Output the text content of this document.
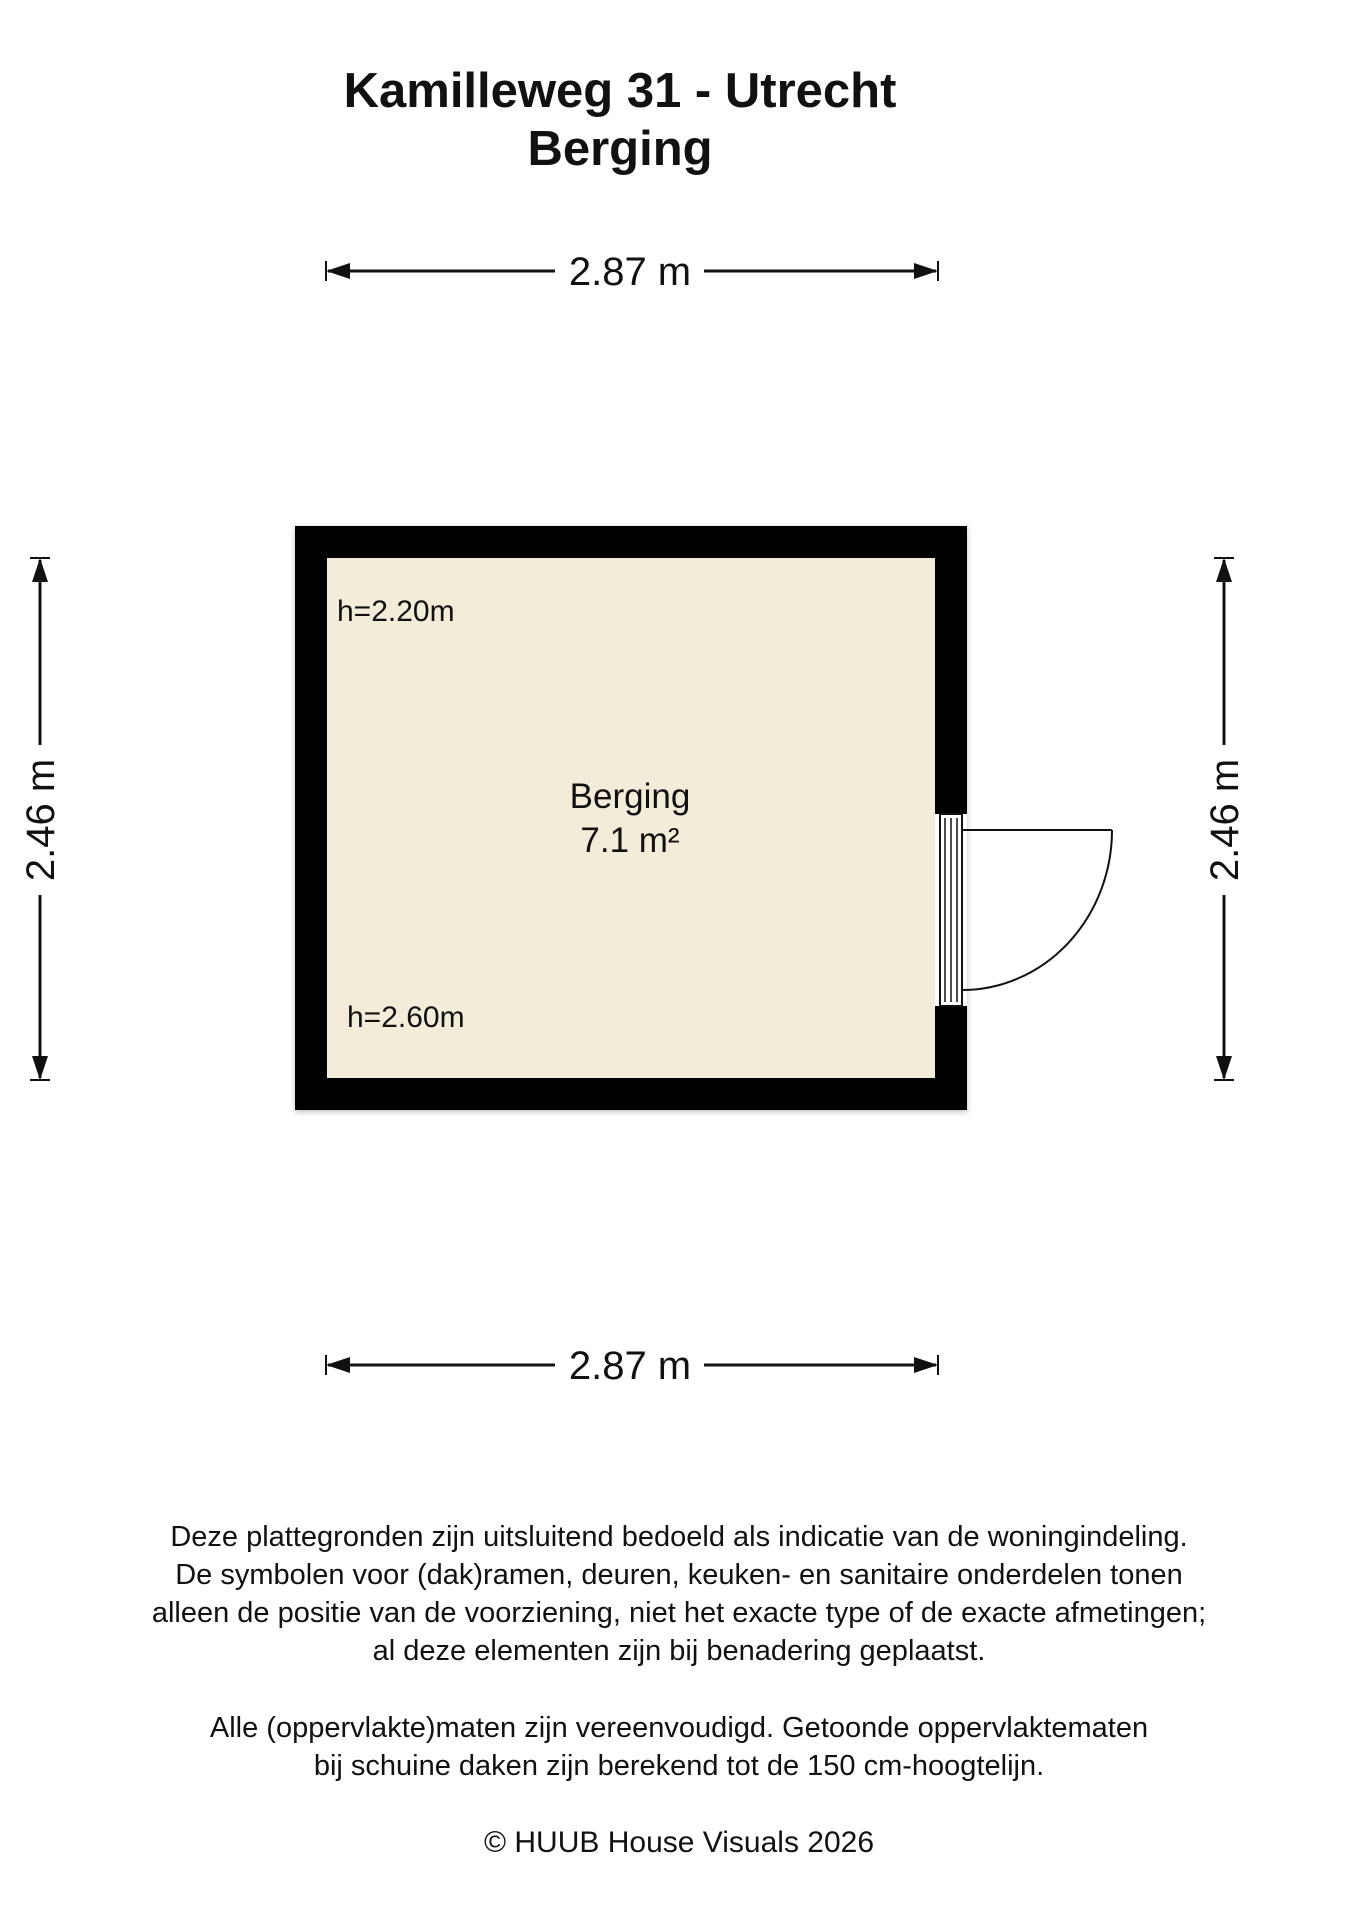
Kamilleweg 31 - Utrecht
Berging
2.87 m
2.87 m
2.46 m	2.46 m
Berging
7.1 m²
h=2.20m
h=2.60m

Deze plattegronden zijn uitsluitend bedoeld als indicatie van de woningindeling.

De symbolen voor (dak)ramen, deuren, keuken- en sanitaire onderdelen tonen

alleen de positie van de voorziening, niet het exacte type of de exacte afmetingen;

al deze elementen zijn bij benadering geplaatst.

Alle (oppervlakte)maten zijn vereenvoudigd. Getoonde oppervlaktematen

bij schuine daken zijn berekend tot de 150 cm-hoogtelijn.

© HUUB House Visuals 2026
